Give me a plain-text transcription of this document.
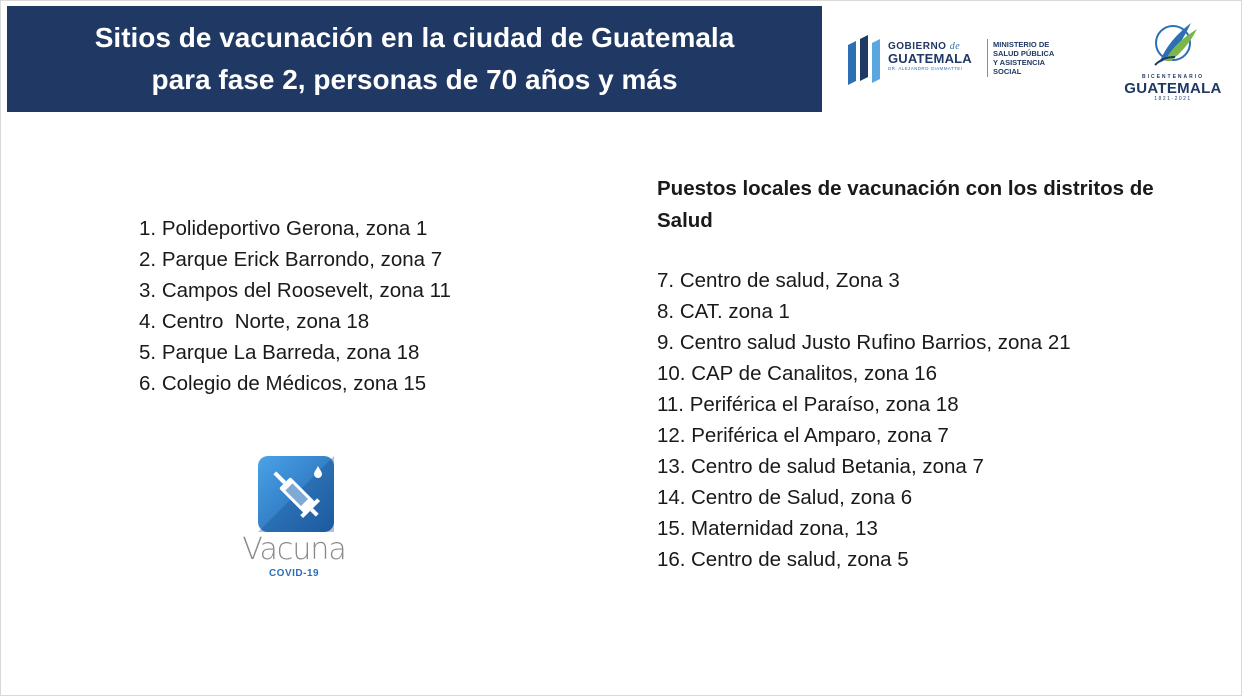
Sitios de vacunación en la ciudad de Guatemala
para fase 2, personas de 70 años y más
GOBIERNO de
GUATEMALA
DR. ALEJANDRO GIAMMATTEI
MINISTERIO DE
SALUD PÚBLICA
Y ASISTENCIA
SOCIAL
BICENTENARIO
GUATEMALA
1821-2021
1. Polideportivo Gerona, zona 1
2. Parque Erick Barrondo, zona 7
3. Campos del Roosevelt, zona 11
4. Centro  Norte, zona 18
5. Parque La Barreda, zona 18
6. Colegio de Médicos, zona 15
Puestos locales de vacunación con los distritos de Salud
7. Centro de salud, Zona 3
8. CAT. zona 1
9. Centro salud Justo Rufino Barrios, zona 21
10. CAP de Canalitos, zona 16
11. Periférica el Paraíso, zona 18
12. Periférica el Amparo, zona 7
13. Centro de salud Betania, zona 7
14. Centro de Salud, zona 6
15. Maternidad zona, 13
16. Centro de salud, zona 5
Vacuna
COVID-19
